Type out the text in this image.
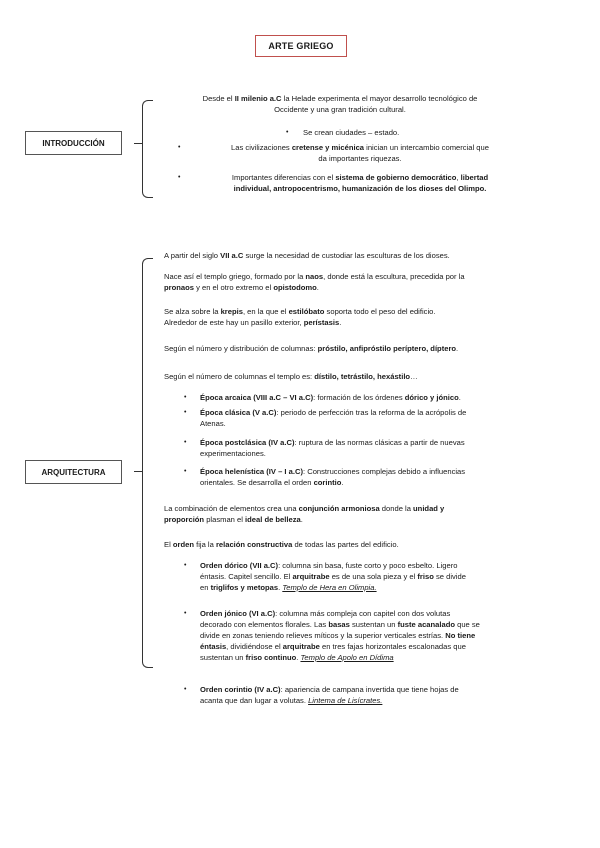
ARTE GRIEGO
INTRODUCCIÓN

Desde el II milenio a.C la Helade experimenta el mayor desarrollo tecnológico de

Occidente y una gran tradición cultural.

• Se crean ciudades – estado.
•	Las civilizaciones cretense y micénica inician un intercambio comercial que

da importantes riquezas.

•	Importantes diferencias con el sistema de gobierno democrático, libertad

individual, antropocentrismo, humanización de los dioses del Olimpo.

ARQUITECTURA

A partir del siglo VII a.C surge la necesidad de custodiar las esculturas de los dioses.

Nace así el templo griego, formado por la naos, donde está la escultura, precedida por la

pronaos y en el otro extremo el opistodomo.

Se alza sobre la krepis, en la que el estilóbato soporta todo el peso del edificio.

Alrededor de este hay un pasillo exterior, perístasis.

Según el número y distribución de columnas: próstilo, anfipróstilo períptero, díptero.

Según el número de columnas el templo es: dístilo, tetrástilo, hexástilo…

• Época arcaica (VIII a.C – VI a.C): formación de los órdenes dórico y jónico.

• Época clásica (V a.C): periodo de perfección tras la reforma de la acrópolis de

Atenas.

• Época postclásica (IV a.C): ruptura de las normas clásicas a partir de nuevas

experimentaciones.

• Época helenística (IV – I a.C): Construcciones complejas debido a influencias

orientales. Se desarrolla el orden corintio.

La combinación de elementos crea una conjunción armoniosa donde la unidad y

proporción plasman el ideal de belleza.

El orden fija la relación constructiva de todas las partes del edificio.

• Orden dórico (VII a.C): columna sin basa, fuste corto y poco esbelto. Ligero

éntasis. Capitel sencillo. El arquitrabe es de una sola pieza y el friso se divide

en triglifos y metopas. Templo de Hera en Olimpia.

• Orden jónico (VI a.C): columna más compleja con capitel con dos volutas

decorado con elementos florales. Las basas sustentan un fuste acanalado que se

divide en zonas teniendo relieves míticos y la superior verticales estrías. No tiene

éntasis, dividiéndose el arquitrabe en tres fajas horizontales escalonadas que

sustentan un friso continuo. Templo de Apolo en Dídima

• Orden corintio (IV a.C): apariencia de campana invertida que tiene hojas de

acanta que dan lugar a volutas. Lintema de Lisícrates.
